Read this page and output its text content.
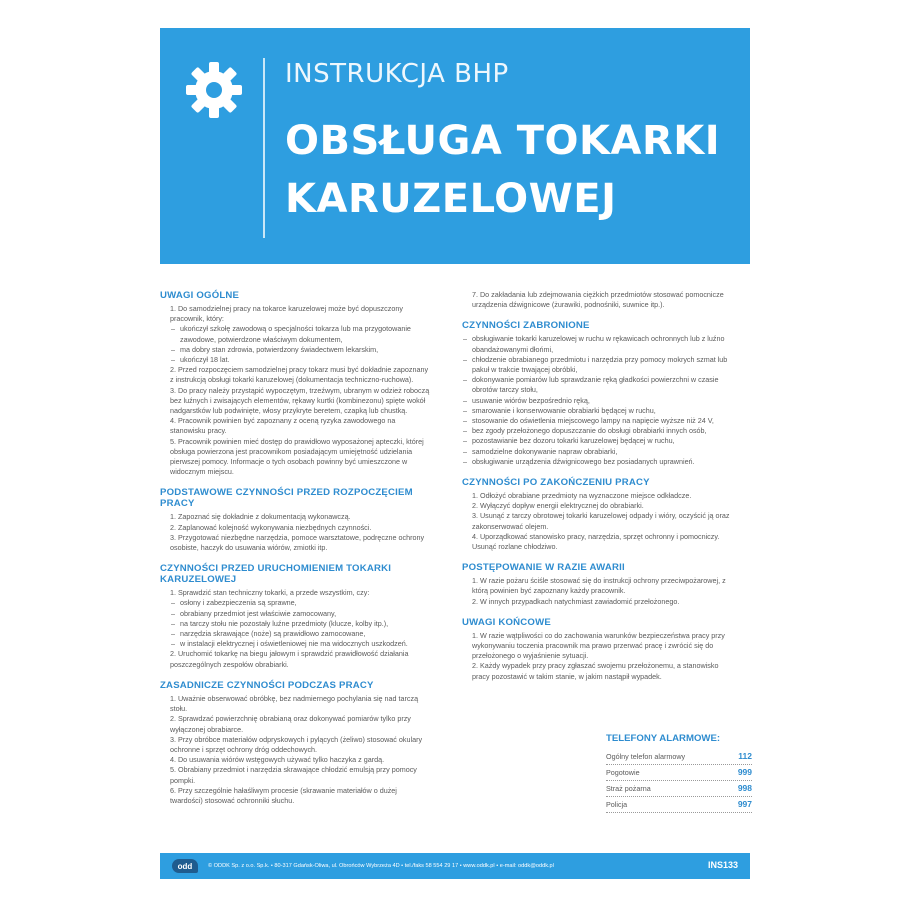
INSTRUKCJA BHP
OBSŁUGA TOKARKI
KARUZELOWEJ
UWAGI OGÓLNE
1. Do samodzielnej pracy na tokarce karuzelowej może być dopuszczony pracownik, który:
– ukończył szkołę zawodową o specjalności tokarza lub ma przygotowanie zawodowe, potwierdzone właściwym dokumentem,
– ma dobry stan zdrowia, potwierdzony świadectwem lekarskim,
– ukończył 18 lat.
2. Przed rozpoczęciem samodzielnej pracy tokarz musi być dokładnie zapoznany z instrukcją obsługi tokarki karuzelowej (dokumentacja techniczno-ruchowa).
3. Do pracy należy przystąpić wypoczętym, trzeźwym, ubranym w odzież roboczą bez luźnych i zwisających elementów, rękawy kurtki (kombinezonu) spięte wokół nadgarstków lub podwinięte, włosy przykryte beretem, czapką lub chustką.
4. Pracownik powinien być zapoznany z oceną ryzyka zawodowego na stanowisku pracy.
5. Pracownik powinien mieć dostęp do prawidłowo wyposażonej apteczki, której obsługa powierzona jest pracownikom posiadającym umiejętność udzielania pierwszej pomocy. Informacje o tych osobach powinny być umieszczone w widocznym miejscu.
PODSTAWOWE CZYNNOŚCI PRZED ROZPOCZĘCIEM PRACY
1. Zapoznać się dokładnie z dokumentacją wykonawczą.
2. Zaplanować kolejność wykonywania niezbędnych czynności.
3. Przygotować niezbędne narzędzia, pomoce warsztatowe, podręczne ochrony osobiste, haczyk do usuwania wiórów, zmiotki itp.
CZYNNOŚCI PRZED URUCHOMIENIEM TOKARKI KARUZELOWEJ
1. Sprawdzić stan techniczny tokarki, a przede wszystkim, czy:
– osłony i zabezpieczenia są sprawne,
– obrabiany przedmiot jest właściwie zamocowany,
– na tarczy stołu nie pozostały luźne przedmioty (klucze, kolby itp.),
– narzędzia skrawające (noże) są prawidłowo zamocowane,
– w instalacji elektrycznej i oświetleniowej nie ma widocznych uszkodzeń.
2. Uruchomić tokarkę na biegu jałowym i sprawdzić prawidłowość działania poszczególnych zespołów obrabiarki.
ZASADNICZE CZYNNOŚCI PODCZAS PRACY
1. Uważnie obserwować obróbkę, bez nadmiernego pochylania się nad tarczą stołu.
2. Sprawdzać powierzchnię obrabianą oraz dokonywać pomiarów tylko przy wyłączonej obrabiarce.
3. Przy obróbce materiałów odpryskowych i pylących (żeliwo) stosować okulary ochronne i sprzęt ochrony dróg oddechowych.
4. Do usuwania wiórów wstęgowych używać tylko haczyka z gardą.
5. Obrabiany przedmiot i narzędzia skrawające chłodzić emulsją przy pomocy pompki.
6. Przy szczególnie hałaśliwym procesie (skrawanie materiałów o dużej twardości) stosować ochronniki słuchu.
7. Do zakładania lub zdejmowania ciężkich przedmiotów stosować pomocnicze urządzenia dźwignicowe (żurawiki, podnośniki, suwnice itp.).
CZYNNOŚCI ZABRONIONE
– obsługiwanie tokarki karuzelowej w ruchu w rękawicach ochronnych lub z luźno obandażowanymi dłońmi,
– chłodzenie obrabianego przedmiotu i narzędzia przy pomocy mokrych szmat lub pakuł w trakcie trwającej obróbki,
– dokonywanie pomiarów lub sprawdzanie ręką gładkości powierzchni w czasie obrotów tarczy stołu,
– usuwanie wiórów bezpośrednio ręką,
– smarowanie i konserwowanie obrabiarki będącej w ruchu,
– stosowanie do oświetlenia miejscowego lampy na napięcie wyższe niż 24 V,
– bez zgody przełożonego dopuszczanie do obsługi obrabiarki innych osób,
– pozostawianie bez dozoru tokarki karuzelowej będącej w ruchu,
– samodzielne dokonywanie napraw obrabiarki,
– obsługiwanie urządzenia dźwignicowego bez posiadanych uprawnień.
CZYNNOŚCI PO ZAKOŃCZENIU PRACY
1. Odłożyć obrabiane przedmioty na wyznaczone miejsce odkładcze.
2. Wyłączyć dopływ energii elektrycznej do obrabiarki.
3. Usunąć z tarczy obrotowej tokarki karuzelowej odpady i wióry, oczyścić ją oraz zakonserwować olejem.
4. Uporządkować stanowisko pracy, narzędzia, sprzęt ochronny i pomocniczy. Usunąć rozlane chłodziwo.
POSTĘPOWANIE W RAZIE AWARII
1. W razie pożaru ściśle stosować się do instrukcji ochrony przeciwpożarowej, z którą powinien być zapoznany każdy pracownik.
2. W innych przypadkach natychmiast zawiadomić przełożonego.
UWAGI KOŃCOWE
1. W razie wątpliwości co do zachowania warunków bezpieczeństwa pracy przy wykonywaniu toczenia pracownik ma prawo przerwać pracę i zwrócić się do przełożonego o wyjaśnienie sytuacji.
2. Każdy wypadek przy pracy zgłaszać swojemu przełożonemu, a stanowisko pracy pozostawić w takim stanie, w jakim nastąpił wypadek.
TELEFONY ALARMOWE:
Ogólny telefon alarmowy	112
Pogotowie	999
Straż pożarna	998
Policja	997
odd	© ODDK Sp. z o.o. Sp.k. • 80-317 Gdańsk-Oliwa, ul. Obrońców Wybrzeża 4D • tel./faks 58 554 29 17 • www.oddk.pl • e-mail: oddk@oddk.pl	INS133
